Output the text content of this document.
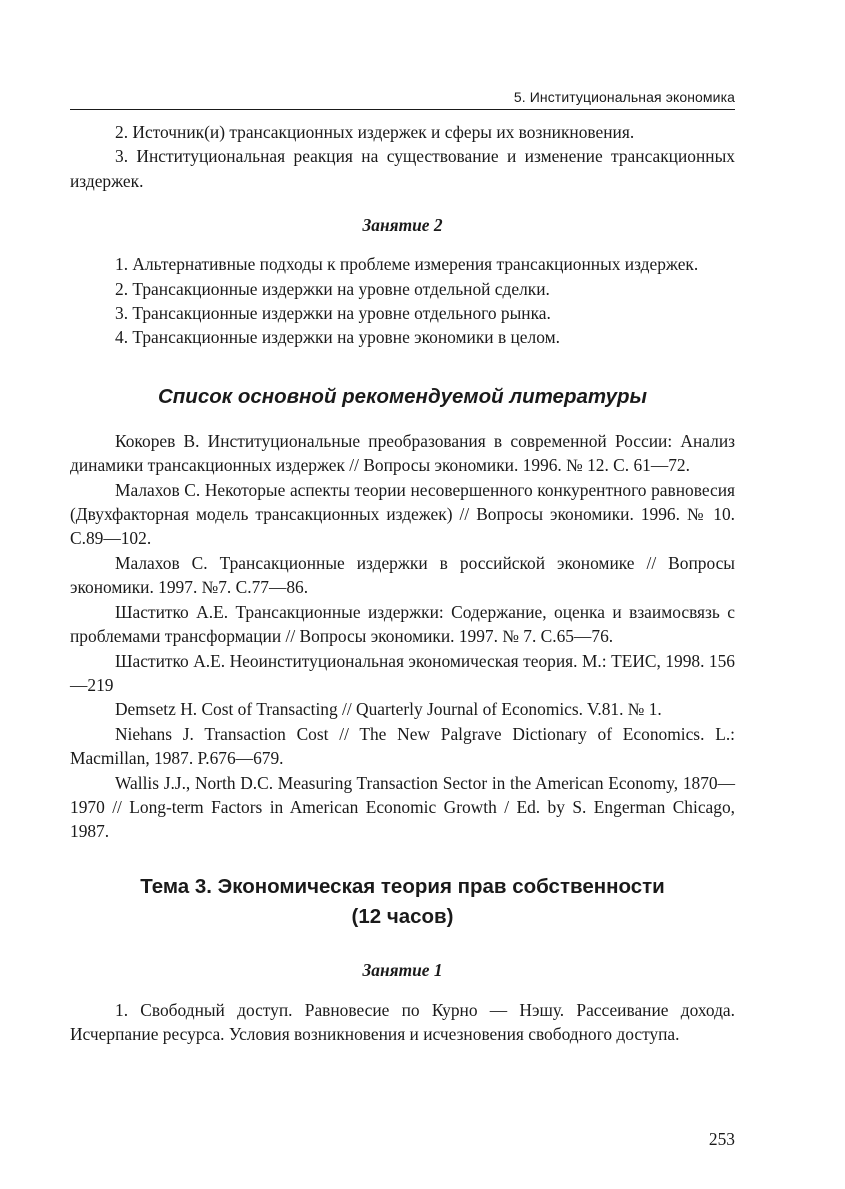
5. Институциональная экономика

2. Источник(и) трансакционных издержек и сферы их возникновения.

3. Институциональная реакция на существование и изменение трансакционных издержек.

Занятие 2

1. Альтернативные подходы к проблеме измерения трансакционных издержек.

2. Трансакционные издержки на уровне отдельной сделки.

3. Трансакционные издержки на уровне отдельного рынка.

4. Трансакционные издержки на уровне экономики в целом.

Список основной рекомендуемой литературы

Кокорев В. Институциональные преобразования в современной России: Анализ динамики трансакционных издержек // Вопросы экономики. 1996. № 12. С. 61—72.

Малахов С. Некоторые аспекты теории несовершенного конкурентного равновесия (Двухфакторная модель трансакционных издежек) // Вопросы экономики. 1996. № 10. С.89—102.

Малахов С. Трансакционные издержки в российской экономике // Вопросы экономики. 1997. №7. С.77—86.

Шаститко А.Е. Трансакционные издержки: Содержание, оценка и взаимосвязь с проблемами трансформации // Вопросы экономики. 1997. № 7. С.65—76.

Шаститко А.Е. Неоинституциональная экономическая теория. М.: ТЕИС, 1998. 156—219

Demsetz H. Cost of Transacting // Quarterly Journal of Economics. V.81. № 1.

Niehans J. Transaction Cost // The New Palgrave Dictionary of Economics. L.: Macmillan, 1987. P.676—679.

Wallis J.J., North D.C. Measuring Transaction Sector in the American Economy, 1870—1970 // Long-term Factors in American Economic Growth / Ed. by S. Engerman Chicago, 1987.

Тема 3. Экономическая теория прав собственности
(12 часов)
Занятие 1

1. Свободный доступ. Равновесие по Курно — Нэшу. Рассеивание дохода. Исчерпание ресурса. Условия возникновения и исчезновения свободного доступа.

253
